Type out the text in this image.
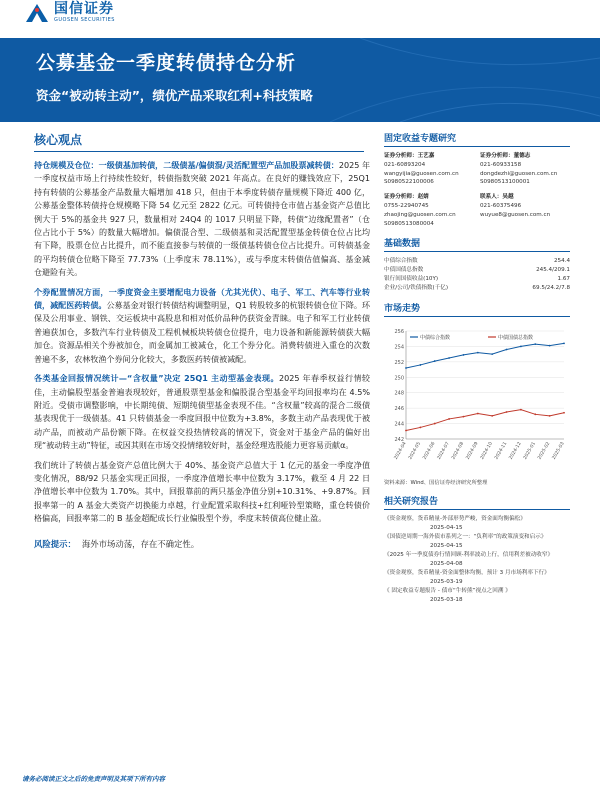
国信证券
GUOSEN SECURITIES
公募基金一季度转债持仓分析
资金“被动转主动”，绩优产品采取红利+科技策略
核心观点
持仓规模及仓位：一级债基加转债，二级债基/偏债混/灵活配置型产品加股票减转债：2025 年一季度权益市场上行持续性较好，转债指数突破 2021 年高点。在良好的赚钱效应下，25Q1 持有转债的公募基金产品数量大幅增加 418 只，但由于本季度转债存量规模下降近 400 亿，公募基金整体转债持仓规模略下降 54 亿元至 2822 亿元。可转债持仓市值占基金资产总值比例大于 5%的基金共 927 只，数量相对 24Q4 的 1017 只明显下降，转债“边缘配置者”（仓位占比小于 5%）的数量大幅增加。偏债混合型、二级债基和灵活配置型基金转债仓位占比均有下降，股票仓位占比提升，而不能直接参与转债的一级债基转债仓位占比提升。可转债基金的平均转债仓位略下降至 77.73%（上季度末 78.11%），或与季度末转债估值偏高、基金减仓避险有关。
个券配置情况方面，一季度资金主要增配电力设备（尤其光伏）、电子、军工、汽车等行业转债，减配医药转债。公募基金对银行转债结构调整明显，Q1 转股较多的杭银转债仓位下降。环保及公用事业、钢铁、交运板块中高股息和相对低价品种仍获资金青睐。电子和军工行业转债普遍获加仓，多数汽车行业转债及工程机械板块转债仓位提升，电力设备和新能源转债获大幅加仓。资源品相关个券被加仓，而金属加工被减仓，化工个券分化。消费转债进入重仓的次数普遍不多，农林牧渔个券间分化较大，多数医药转债被减配。
各类基金回报情况统计—“含权量”决定 25Q1 主动型基金表现。2025 年春季权益行情较佳，主动偏股型基金普遍表现较好，普通股票型基金和偏股混合型基金平均回报率均在 4.5%附近。受债市调整影响，中长期纯债、短期纯债型基金表现不佳。“含权量”较高的混合二级债基表现优于一级债基。41 只转债基金一季度回报中位数为+3.8%，多数主动产品表现优于被动产品，而被动产品份额下降。在权益交投热情较高的情况下，资金对于基金产品的偏好出现“被动转主动”特征，或因其则在市场交投情绪较好时，基金经理选股能力更容易贡献α。
我们统计了转债占基金资产总值比例大于 40%、基金资产总值大于 1 亿元的基金一季度净值变化情况，88/92 只基金实现正回报，一季度净值增长率中位数为 3.17%，截至 4 月 22 日净值增长率中位数为 1.70%。其中，回报靠前的两只基金净值分别+10.31%、+9.87%。回报率第一的 A 基金大类资产切换能力卓越，行业配置采取科技+红利哑铃型策略，重仓转债价格偏高，回报率第二的 B 基金超配成长行业偏股型个券，季度末转债高位健止盈。
风险提示： 海外市场动荡，存在不确定性。
固定收益专题研究
证券分析师：王艺嘉
021-60893204
wangyijia@guosen.com.cn
S0980522100006
证券分析师：董德志
021-60933158
dongdezhi@guosen.com.cn
S0980513100001
证券分析师：赵婧
0755-22940745
zhaojing@guosen.com.cn
S0980513080004
联系人：吴越
021-60375496
wuyue8@guosen.com.cn
基础数据
中债综合指数	254.4
中债国债总指数	245.4/209.1
银行间国债收益(10Y)	1.67
企业/公司/铁债指数(千亿)	69.5/24.2/7.8
市场走势
242
244
246
248
250
252
254
256
2024-04 2024-05 2024-06 2024-07 2024-08 2024-09 2024-10 2024-11 2024-12 2025-01 2025-02 2025-03
中债综合指数	中债国债总指数
资料来源：Wind、国信证券经济研究所整理
相关研究报告
《资金观察，货币精量-外部形势严峻，资金面均衡偏松》
2025-04-15
《国债逆周期一海外债市系列之一：“负利率”的政策演变和启示》
2025-04-15
《2025 年一季度债券行情回顾-利率波动上行，信用利差被动收窄》
2025-04-08
《资金观察，货币精量-资金面整体均衡，预计 3 月市场利率下行》
2025-03-19
《 固定收益专题报告 - 债市“牛转熊”视点之回溯 》
2025-03-18
请务必阅读正文之后的免责声明及其项下所有内容
